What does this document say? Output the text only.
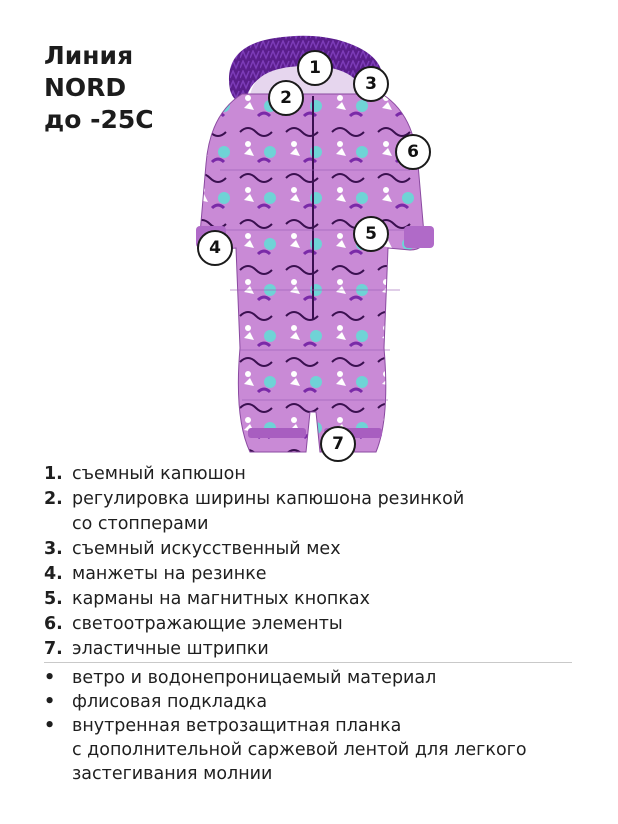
Линия
NORD
до -25С
1
2
3
4
5
6
7
1. съемный капюшон
2. регулировка ширины капюшона резинкой
со стопперами
3. съемный искусственный мех
4. манжеты на резинке
5. карманы на магнитных кнопках
6. светоотражающие элементы
7. эластичные штрипки
• ветро и водонепроницаемый материал
• флисовая подкладка
• внутренная ветрозащитная планка
с дополнительной саржевой лентой для легкого
застегивания молнии
